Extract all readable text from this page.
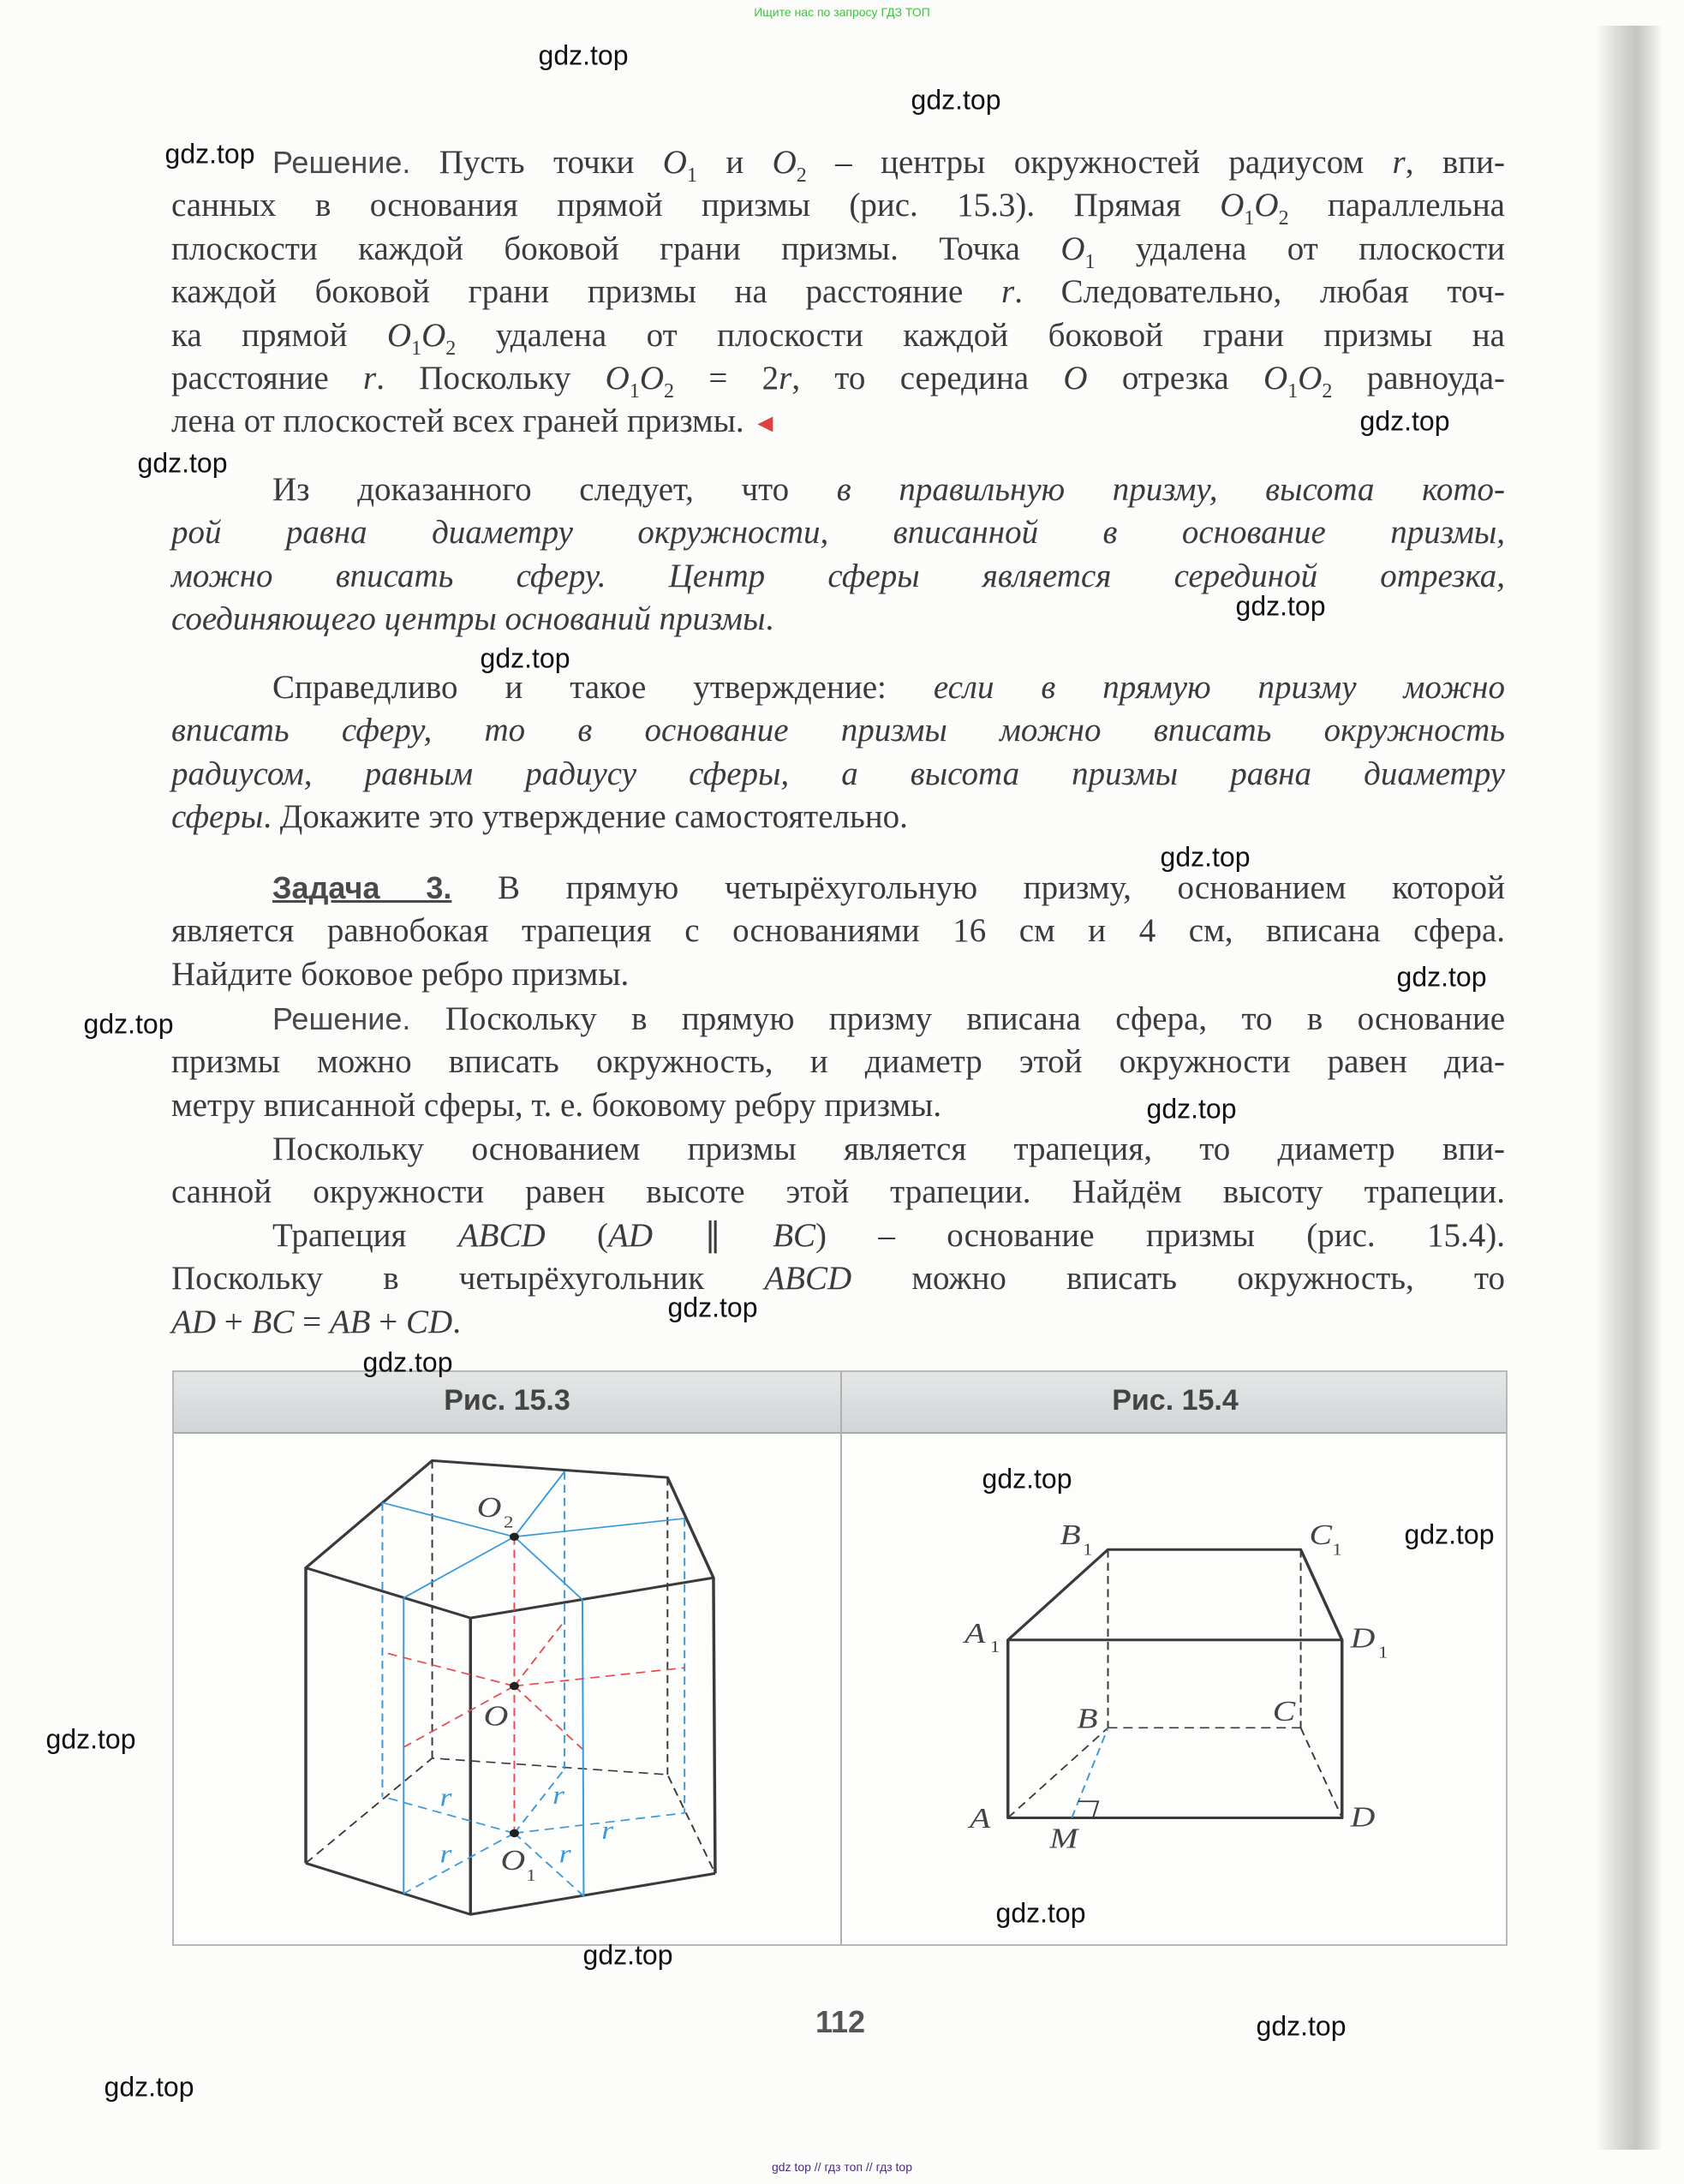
Ищите нас по запросу ГДЗ ТОП
Решение. Пусть точки $O_1$ и $O_2$ – центры окружностей радиусом r, впи-
санных в основания прямой призмы (рис. 15.3). Прямая $O_1O_2$ параллельна
плоскости каждой боковой грани призмы. Точка $O_1$ удалена от плоскости
каждой боковой грани призмы на расстояние r. Следовательно, любая точ-
ка прямой $O_1O_2$ удалена от плоскости каждой боковой грани призмы на
расстояние r. Поскольку $O_1O_2 = 2r$, то середина O отрезка $O_1O_2$ равноуда-
лена от плоскостей всех граней призмы. ◄
Из доказанного следует, что в правильную призму, высота кото-
рой равна диаметру окружности, вписанной в основание призмы,
можно вписать сферу. Центр сферы является серединой отрезка,
соединяющего центры оснований призмы.
Справедливо и такое утверждение: если в прямую призму можно
вписать сферу, то в основание призмы можно вписать окружность
радиусом, равным радиусу сферы, а высота призмы равна диаметру
сферы. Докажите это утверждение самостоятельно.
Задача 3. В прямую четырёхугольную призму, основанием которой
является равнобокая трапеция с основаниями 16 см и 4 см, вписана сфера.
Найдите боковое ребро призмы.
Решение. Поскольку в прямую призму вписана сфера, то в основание
призмы можно вписать окружность, и диаметр этой окружности равен диа-
метру вписанной сферы, т. е. боковому ребру призмы.
Поскольку основанием призмы является трапеция, то диаметр впи-
санной окружности равен высоте этой трапеции. Найдём высоту трапеции.
Трапеция ABCD (AD ∥ BC) – основание призмы (рис. 15.4).
Поскольку в четырёхугольник ABCD можно вписать окружность, то
AD + BC = AB + CD.
Рис. 15.3	Рис. 15.4
O 2
O
O 1
r r
r
r r
B 1	C 1
A 1	D 1
B	C
A	D
M
112
gdz top // гдз топ // гдз top
gdz.top
gdz.top
gdz.top
gdz.top
gdz.top
gdz.top
gdz.top
gdz.top
gdz.top
gdz.top
gdz.top
gdz.top
gdz.top
gdz.top
gdz.top
gdz.top
gdz.top
gdz.top
gdz.top
gdz.top
